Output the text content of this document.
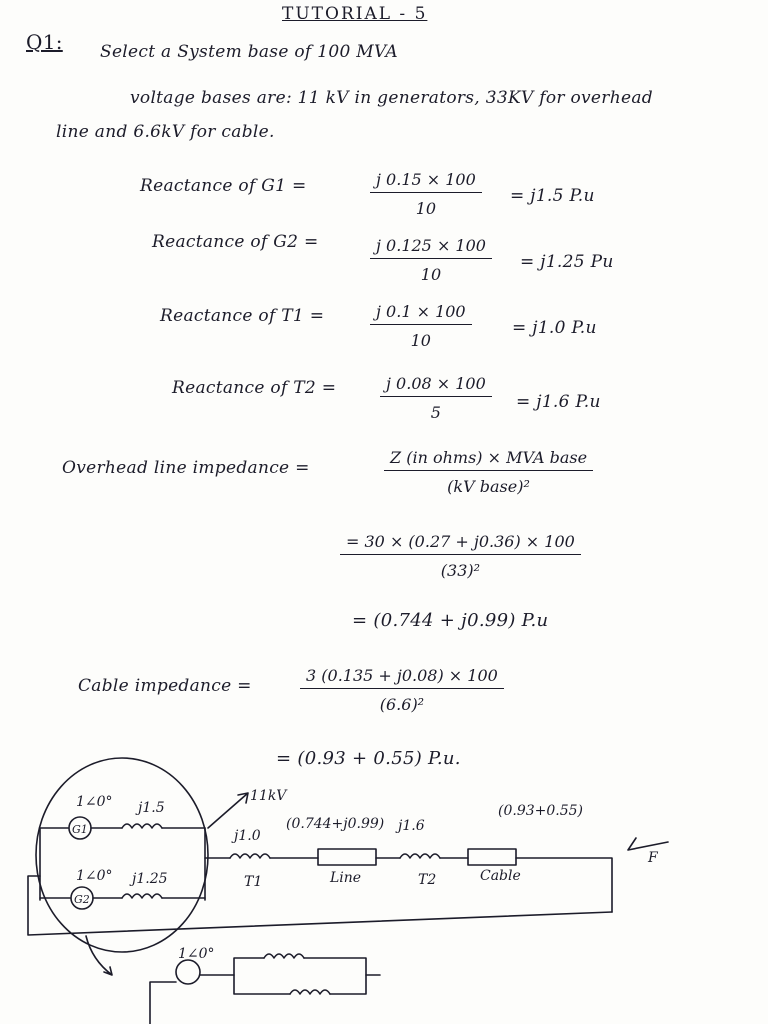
TUTORIAL - 5
Q1: Select a System base of 100 MVA
voltage bases are: 11 kV in generators, 33KV for overhead
line and 6.6kV for cable.
Reactance of G1 =	$\frac{j 0.15 \times 100}{10} = j1.5$ P.u
Reactance of G2 =	$\frac{j 0.125 \times 100}{10} = j1.25$ Pu
Reactance of T1 =	$\frac{j 0.1 \times 100}{10} = j1.0$ P.u
Reactance of T2 =	$\frac{j 0.08 \times 100}{5} = j1.6$ P.u
Overhead line impedance =
Z (in ohms) × MVA base
(kV base)²
$\frac{= 30 \times (0.27 + j0.36) \times 100}{\text{(33)²}}$
= (0.744 + j0.99) P.u
Cable impedance =	$\frac{3 (0.135 + j0.08) \times 100}{\text{(6.6)²}}$
= (0.93 + 0.55) P.u.
1∠0°
G1
j1.5
1∠0°
G2
j1.25
11kV
j1.0
T1
(0.744+j0.99)
Line
j1.6
T2
(0.93+0.55)
Cable
F
1∠0°
